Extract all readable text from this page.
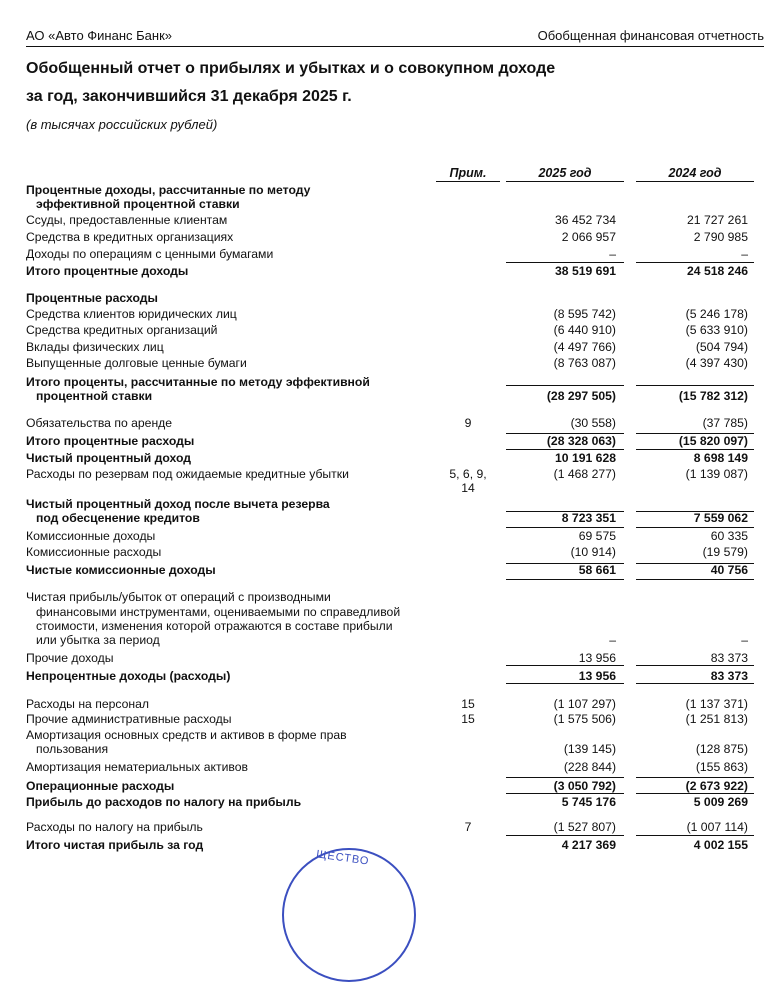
АО «Авто Финанс Банк»	Обобщенная финансовая отчетность
Обобщенный отчет о прибылях и убытках и о совокупном доходе
за год, закончившийся 31 декабря 2025 г.
(в тысячах российских рублей)
Прим.	2025 год	2024 год
Процентные доходы, рассчитанные по методу
эффективной процентной ставки
Ссуды, предоставленные клиентам	36 452 734	21 727 261
Средства в кредитных организациях	2 066 957	2 790 985
Доходы по операциям с ценными бумагами	–	–
Итого процентные доходы	38 519 691	24 518 246
Процентные расходы
Средства клиентов юридических лиц	(8 595 742)	(5 246 178)
Средства кредитных организаций	(6 440 910)	(5 633 910)
Вклады физических лиц	(4 497 766)	(504 794)
Выпущенные долговые ценные бумаги	(8 763 087)	(4 397 430)
Итого проценты, рассчитанные по методу эффективной
процентной ставки	(28 297 505)	(15 782 312)
Обязательства по аренде	9	(30 558)	(37 785)
Итого процентные расходы	(28 328 063)	(15 820 097)
Чистый процентный доход	10 191 628	8 698 149
Расходы по резервам под ожидаемые кредитные убытки	5, 6, 9,	(1 468 277)	(1 139 087)
14
Чистый процентный доход после вычета резерва
под обесценение кредитов	8 723 351	7 559 062
Комиссионные доходы	69 575	60 335
Комиссионные расходы	(10 914)	(19 579)
Чистые комиссионные доходы	58 661	40 756
Чистая прибыль/убыток от операций с производными
финансовыми инструментами, оцениваемыми по справедливой
стоимости, изменения которой отражаются в составе прибыли
или убытка за период	–	–
Прочие доходы	13 956	83 373
Непроцентные доходы (расходы)	13 956	83 373
Расходы на персонал	15	(1 107 297)	(1 137 371)
Прочие административные расходы	15	(1 575 506)	(1 251 813)
Амортизация основных средств и активов в форме прав
пользования	(139 145)	(128 875)
Амортизация нематериальных активов	(228 844)	(155 863)
Операционные расходы	(3 050 792)	(2 673 922)
Прибыль до расходов по налогу на прибыль	5 745 176	5 009 269
Расходы по налогу на прибыль	7	(1 527 807)	(1 007 114)
Итого чистая прибыль за год	4 217 369	4 002 155
ЩЕСТВО
